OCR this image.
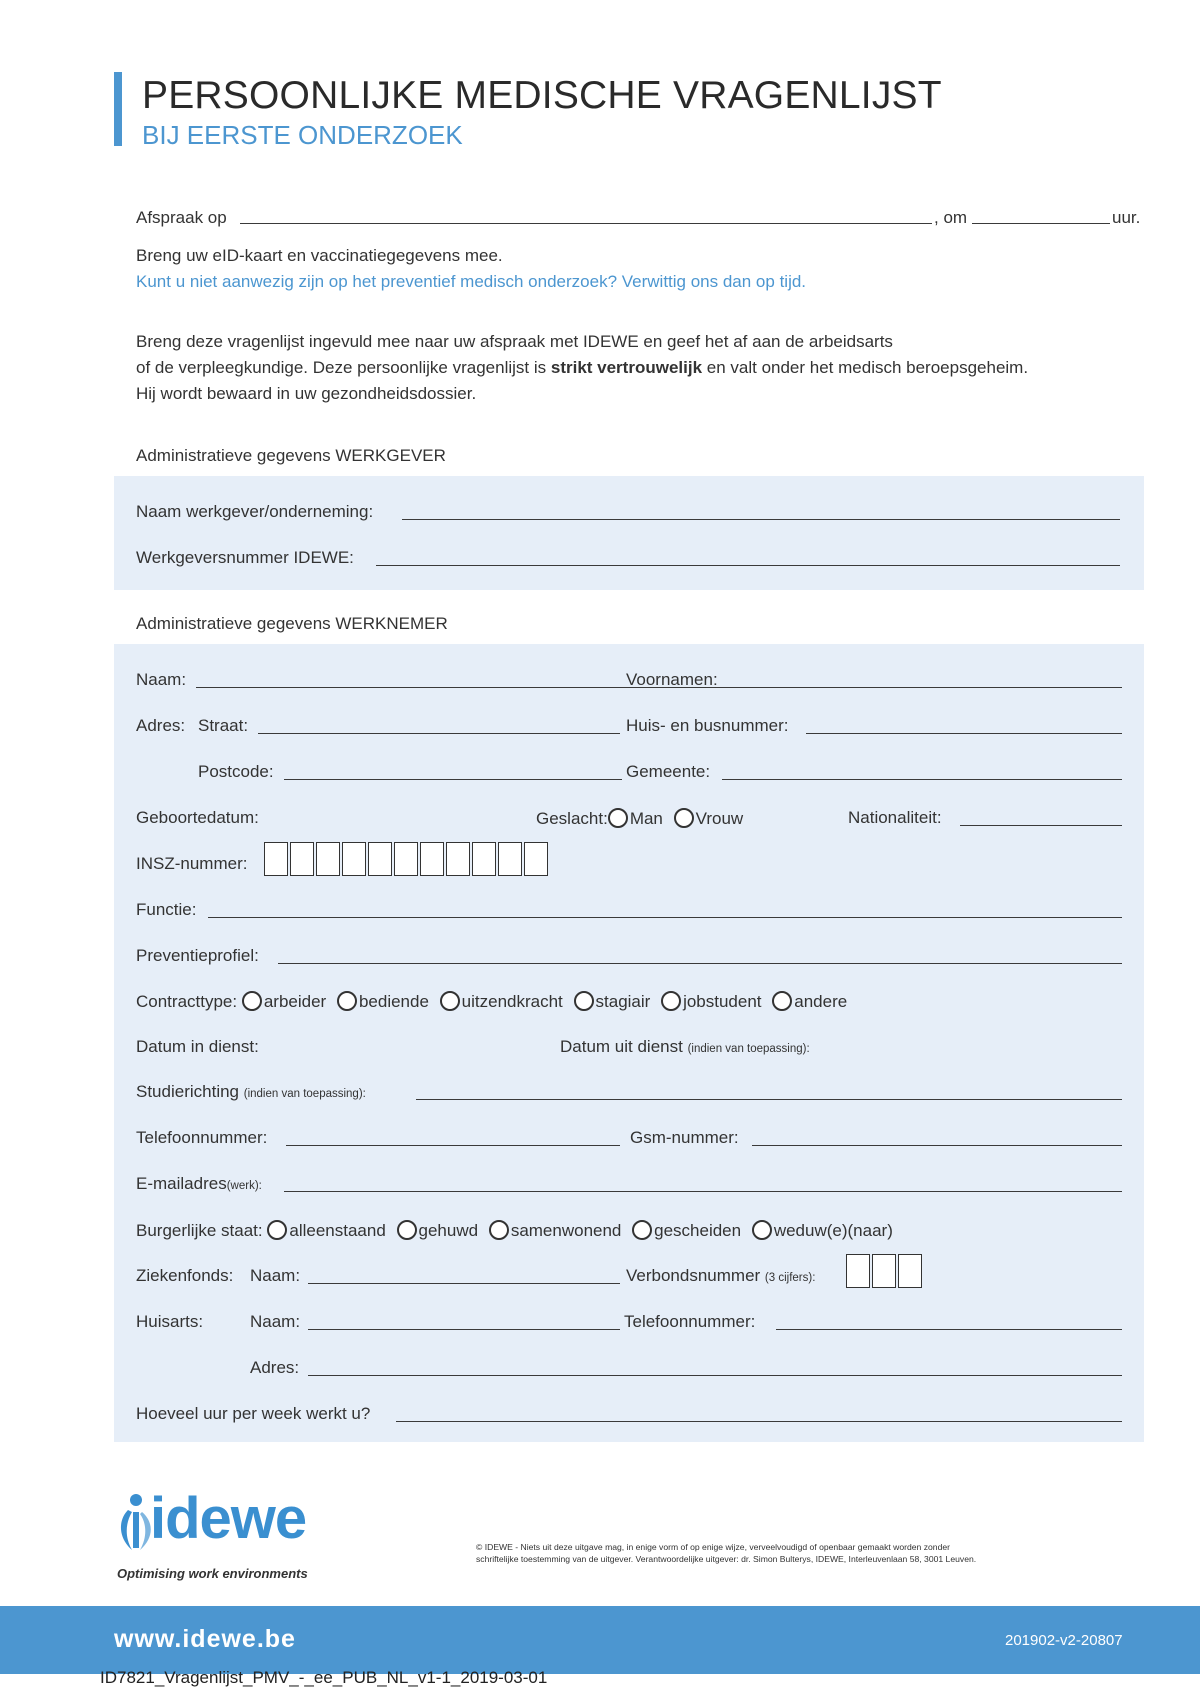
PERSOONLIJKE MEDISCHE VRAGENLIJST
BIJ EERSTE ONDERZOEK
Afspraak op	, om	uur.
Breng uw eID-kaart en vaccinatiegegevens mee.
Kunt u niet aanwezig zijn op het preventief medisch onderzoek? Verwittig ons dan op tijd.
Breng deze vragenlijst ingevuld mee naar uw afspraak met IDEWE en geef het af aan de arbeidsarts
of de verpleegkundige. Deze persoonlijke vragenlijst is strikt vertrouwelijk en valt onder het medisch beroepsgeheim.
Hij wordt bewaard in uw gezondheidsdossier.
Administratieve gegevens WERKGEVER
Naam werkgever/onderneming:
Werkgeversnummer IDEWE:
Administratieve gegevens WERKNEMER
Naam:	Voornamen:
Adres: Straat:	Huis- en busnummer:
Postcode:	Gemeente:
Geboortedatum:	Geslacht: Man Vrouw	Nationaliteit:
INSZ-nummer:
Functie:
Preventieprofiel:
Contracttype: arbeider bediende uitzendkracht stagiair jobstudent andere
Datum in dienst:	Datum uit dienst (indien van toepassing):
Studierichting (indien van toepassing):
Telefoonnummer:	Gsm-nummer:
E-mailadres(werk):
Burgerlijke staat: alleenstaand gehuwd samenwonend gescheiden weduw(e)(naar)
Ziekenfonds: Naam:	Verbondsnummer (3 cijfers):
Huisarts:	Naam:	Telefoonnummer:
Adres:
Hoeveel uur per week werkt u?
idewe
Optimising work environments
© IDEWE - Niets uit deze uitgave mag, in enige vorm of op enige wijze, verveelvoudigd of openbaar gemaakt worden zonder
schriftelijke toestemming van de uitgever. Verantwoordelijke uitgever: dr. Simon Bulterys, IDEWE, Interleuvenlaan 58, 3001 Leuven.
www.idewe.be	201902-v2-20807
ID7821_Vragenlijst_PMV_-_ee_PUB_NL_v1-1_2019-03-01
